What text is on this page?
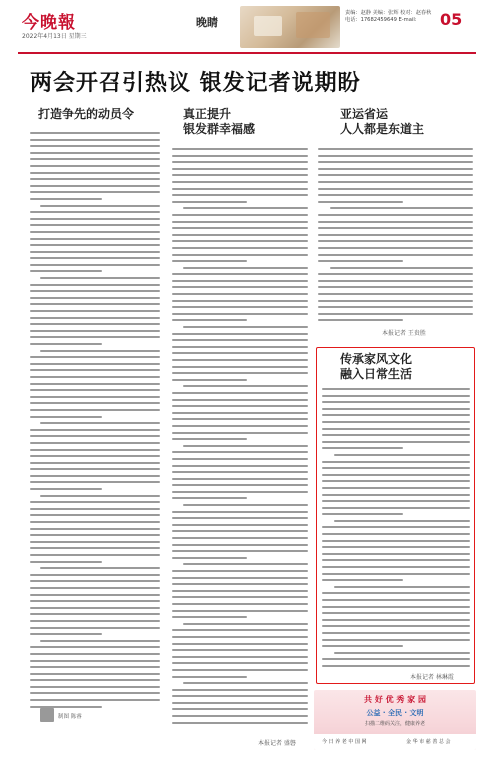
今晚報
2022年4月13日 星期三
晚睛
责编：赵静 美编：张辉 校对：赵春秋
电话：17682459649 E-mail:	05
两会开召引热议 银发记者说期盼
打造争先的动员令
制图 陈睿
真正提升
银发群幸福感
本报记者 盛磐
亚运省运
人人都是东道主
本报记者 王贵胜
传承家风文化
融入日常生活
本报记者 林琳霞
共 好 优 秀 家 园
公益 · 全民 · 文明
扫描二维码关注，健康养老
今 日 养 老 中 国 网	金 华 市 慈 善 总 会
